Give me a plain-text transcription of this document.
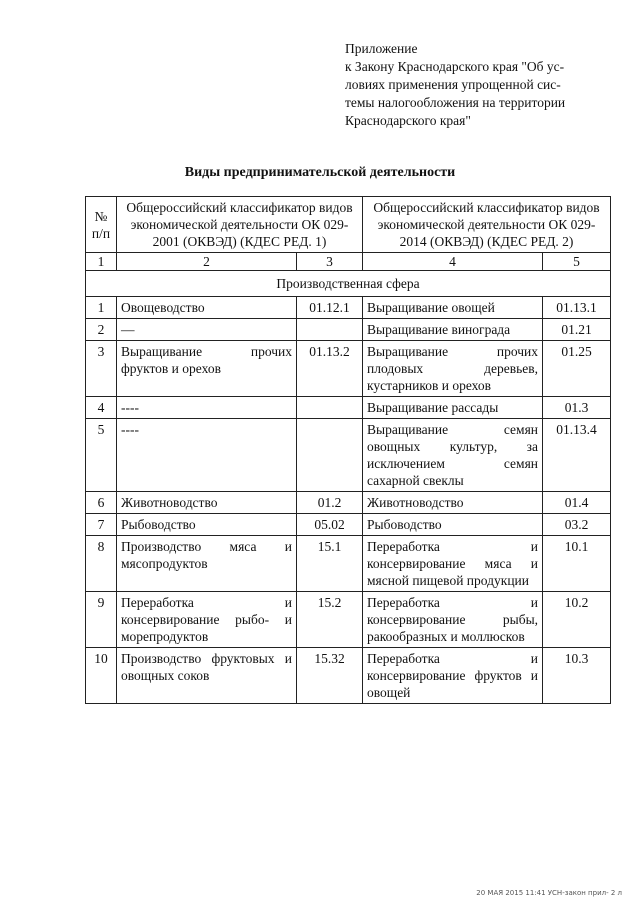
Приложение
к Закону Краснодарского края "Об ус-
ловиях применения упрощенной сис-
темы налогообложения на территории
Краснодарского края"
Виды предпринимательской деятельности
№ п/п	Общероссийский классификатор видов экономической деятельности ОК 029-2001 (ОКВЭД) (КДЕС РЕД. 1)		Общероссийский классификатор видов экономической деятельности ОК 029-2014 (ОКВЭД) (КДЕС РЕД. 2)	
1	2	3	4	5
Производственная сфера				
1	Овощеводство	01.12.1	Выращивание овощей	01.13.1
2	—		Выращивание винограда	01.21
3	Выращивание прочих фруктов и орехов	01.13.2	Выращивание прочих плодовых деревьев, кустарников и орехов	01.25
4	----		Выращивание рассады	01.3
5	----		Выращивание семян овощных культур, за исключением семян сахарной свеклы	01.13.4
6	Животноводство	01.2	Животноводство	01.4
7	Рыбоводство	05.02	Рыбоводство	03.2
8	Производство мяса и мясопродуктов	15.1	Переработка и консервирование мяса и мясной пищевой продукции	10.1
9	Переработка и консервирование рыбо- и морепродуктов	15.2	Переработка и консервирование рыбы, ракообразных и моллюсков	10.2
10	Производство фруктовых и овощных соков	15.32	Переработка и консервирование фруктов и овощей	10.3
20 МАЯ 2015 11:41 УСН-закон прил- 2 л
